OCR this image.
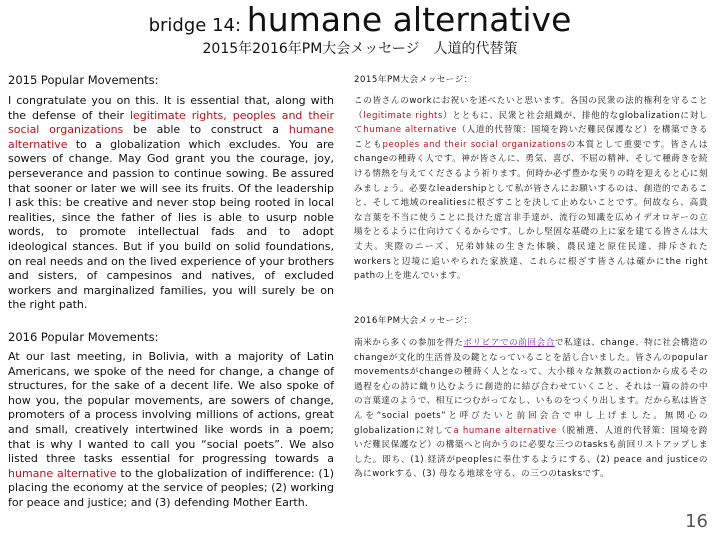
bridge 14: humane alternative
2015年2016年PM大会メッセージ　人道的代替策
2015 Popular Movements:
I congratulate you on this. It is essential that, along with the defense of their legitimate rights, peoples and their social organizations be able to construct a humane alternative to a globalization which excludes. You are sowers of change. May God grant you the courage, joy, perseverance and passion to continue sowing. Be assured that sooner or later we will see its fruits. Of the leadership I ask this: be creative and never stop being rooted in local realities, since the father of lies is able to usurp noble words, to promote intellectual fads and to adopt ideological stances. But if you build on solid foundations, on real needs and on the lived experience of your brothers and sisters, of campesinos and natives, of excluded workers and marginalized families, you will surely be on the right path.
2016 Popular Movements:
At our last meeting, in Bolivia, with a majority of Latin Americans, we spoke of the need for change, a change of structures, for the sake of a decent life. We also spoke of how you, the popular movements, are sowers of change, promoters of a process involving millions of actions, great and small, creatively intertwined like words in a poem; that is why I wanted to call you “social poets”. We also listed three tasks essential for progressing towards a humane alternative to the globalization of indifference: (1) placing the economy at the service of peoples; (2) working for peace and justice; and (3) defending Mother Earth.
2015年PM大会メッセージ：
この皆さんのworkにお祝いを述べたいと思います。各国の民衆の法的権利を守ること（legitimate rights）とともに、民衆と社会組織が、排他的なglobalizationに対してhumane alternative（人道的代替策：国境を跨いだ難民保護など）を構築できることもpeoples and their social organizationsの本質として重要です。皆さんはchangeの種蒔く人です。神が皆さんに、勇気、喜び、不屈の精神、そして種蒔きを続ける情熱を与えてくださるよう祈ります。何時か必ず豊かな実りの時を迎えると心に刻みましょう。必要なleadershipとして私が皆さんにお願いするのは、創造的であること、そして地域のrealitiesに根ざすことを決して止めないことです。何故なら、高貴な言葉を不当に使うことに長けた虚言非手達が、流行の知識を広めイデオロギーの立場をとるように仕向けてくるからです。しかし堅固な基礎の上に家を建てる皆さんは大丈夫。実際のニーズ、兄弟姉妹の生きた体験、農民達と原住民達、排斥されたworkersと辺境に追いやられた家族達、これらに根ざす皆さんは確かにthe right pathの上を進んでいます。
2016年PM大会メッセージ：
南米から多くの参加を得たボリビアでの前回会合で私達は、change、特に社会構造のchangeが文化的生活普及の鍵となっていることを話し合いました。皆さんのpopular movementsがchangeの種蒔く人となって、大小様々な無数のactionから成るその過程を心の詩に織り込むように創造的に結び合わせていくこと、それは一篇の詩の中の言葉達のようで、相互につむがってなし、いものをつくり出します。だから私は皆さんを“social poets”と呼びたいと前回会合で申し上げました。無関心のglobalizationに対してa humane alternative（脱補選、人道的代替策：国境を跨いだ難民保護など）の構築へと向かうのに必要な三つのtasksも前回リストアップしました。即ち、(1) 経済がpeoplesに奉仕するようにする、(2) peace and justiceの為にworkする、(3) 母なる地球を守る、の三つのtasksです。
16
